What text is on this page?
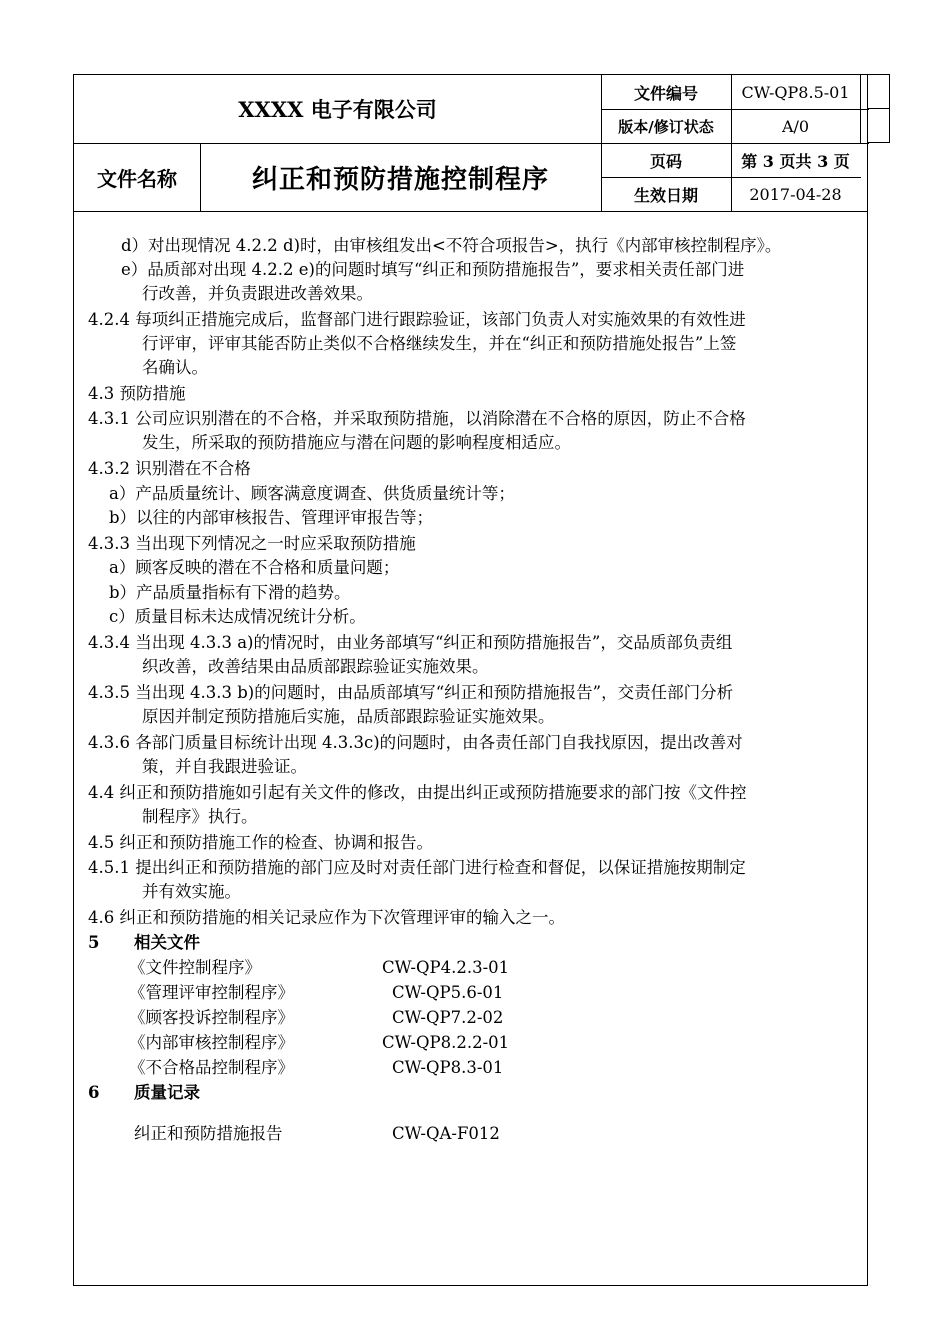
XXXX 电子有限公司
文件名称	纠正和预防措施控制程序
文件编号	CW-QP8.5-01
版本/修订状态	A/0
页码	第 3 页共 3 页
生效日期	2017-04-28
d）对出现情况 4.2.2 d)时，由审核组发出<不符合项报告>，执行《内部审核控制程序》。
e）品质部对出现 4.2.2 e)的问题时填写“纠正和预防措施报告”，要求相关责任部门进
行改善，并负责跟进改善效果。
4.2.4 每项纠正措施完成后，监督部门进行跟踪验证，该部门负责人对实施效果的有效性进
行评审，评审其能否防止类似不合格继续发生，并在“纠正和预防措施处报告”上签
名确认。
4.3 预防措施
4.3.1 公司应识别潜在的不合格，并采取预防措施，以消除潜在不合格的原因，防止不合格
发生，所采取的预防措施应与潜在问题的影响程度相适应。
4.3.2 识别潜在不合格
a）产品质量统计、顾客满意度调查、供货质量统计等；
b）以往的内部审核报告、管理评审报告等；
4.3.3 当出现下列情况之一时应采取预防措施
a）顾客反映的潜在不合格和质量问题；
b）产品质量指标有下滑的趋势。
c）质量目标未达成情况统计分析。
4.3.4 当出现 4.3.3 a)的情况时，由业务部填写“纠正和预防措施报告”，交品质部负责组
织改善，改善结果由品质部跟踪验证实施效果。
4.3.5 当出现 4.3.3 b)的问题时，由品质部填写“纠正和预防措施报告”，交责任部门分析
原因并制定预防措施后实施，品质部跟踪验证实施效果。
4.3.6 各部门质量目标统计出现 4.3.3c)的问题时，由各责任部门自我找原因，提出改善对
策，并自我跟进验证。
4.4 纠正和预防措施如引起有关文件的修改，由提出纠正或预防措施要求的部门按《文件控
制程序》执行。
4.5 纠正和预防措施工作的检查、协调和报告。
4.5.1 提出纠正和预防措施的部门应及时对责任部门进行检查和督促，以保证措施按期制定
并有效实施。
4.6 纠正和预防措施的相关记录应作为下次管理评审的输入之一。
5 相关文件
《文件控制程序》	CW-QP4.2.3-01
《管理评审控制程序》	CW-QP5.6-01
《顾客投诉控制程序》	CW-QP7.2-02
《内部审核控制程序》	CW-QP8.2.2-01
《不合格品控制程序》	CW-QP8.3-01
6 质量记录
纠正和预防措施报告	CW-QA-F012
